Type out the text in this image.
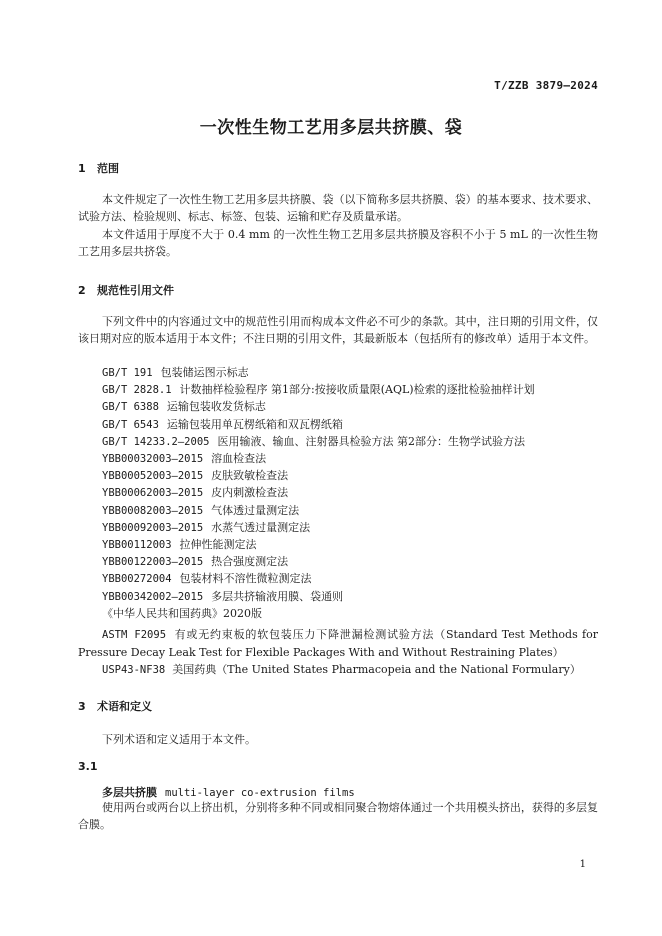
T/ZZB 3879—2024
一次性生物工艺用多层共挤膜、袋
1 范围
本文件规定了一次性生物工艺用多层共挤膜、袋（以下简称多层共挤膜、袋）的基本要求、技术要求、试验方法、检验规则、标志、标签、包装、运输和贮存及质量承诺。
本文件适用于厚度不大于 0.4 mm 的一次性生物工艺用多层共挤膜及容积不小于 5 mL 的一次性生物工艺用多层共挤袋。
2 规范性引用文件
下列文件中的内容通过文中的规范性引用而构成本文件必不可少的条款。其中，注日期的引用文件，仅该日期对应的版本适用于本文件；不注日期的引用文件，其最新版本（包括所有的修改单）适用于本文件。
GB/T 191 包装储运图示标志
GB/T 2828.1 计数抽样检验程序 第1部分:按接收质量限(AQL)检索的逐批检验抽样计划
GB/T 6388 运输包装收发货标志
GB/T 6543 运输包装用单瓦楞纸箱和双瓦楞纸箱
GB/T 14233.2—2005 医用输液、输血、注射器具检验方法 第2部分：生物学试验方法
YBB00032003—2015 溶血检查法
YBB00052003—2015 皮肤致敏检查法
YBB00062003—2015 皮内刺激检查法
YBB00082003—2015 气体透过量测定法
YBB00092003—2015 水蒸气透过量测定法
YBB00112003 拉伸性能测定法
YBB00122003—2015 热合强度测定法
YBB00272004 包装材料不溶性微粒测定法
YBB00342002—2015 多层共挤输液用膜、袋通则
《中华人民共和国药典》2020版
ASTM F2095 有或无约束板的软包装压力下降泄漏检测试验方法（Standard Test Methods for Pressure Decay Leak Test for Flexible Packages With and Without Restraining Plates）
USP43-NF38 美国药典（The United States Pharmacopeia and the National Formulary）
3 术语和定义
下列术语和定义适用于本文件。
3.1
多层共挤膜 multi-layer co-extrusion films
使用两台或两台以上挤出机，分别将多种不同或相同聚合物熔体通过一个共用模头挤出，获得的多层复合膜。
1
